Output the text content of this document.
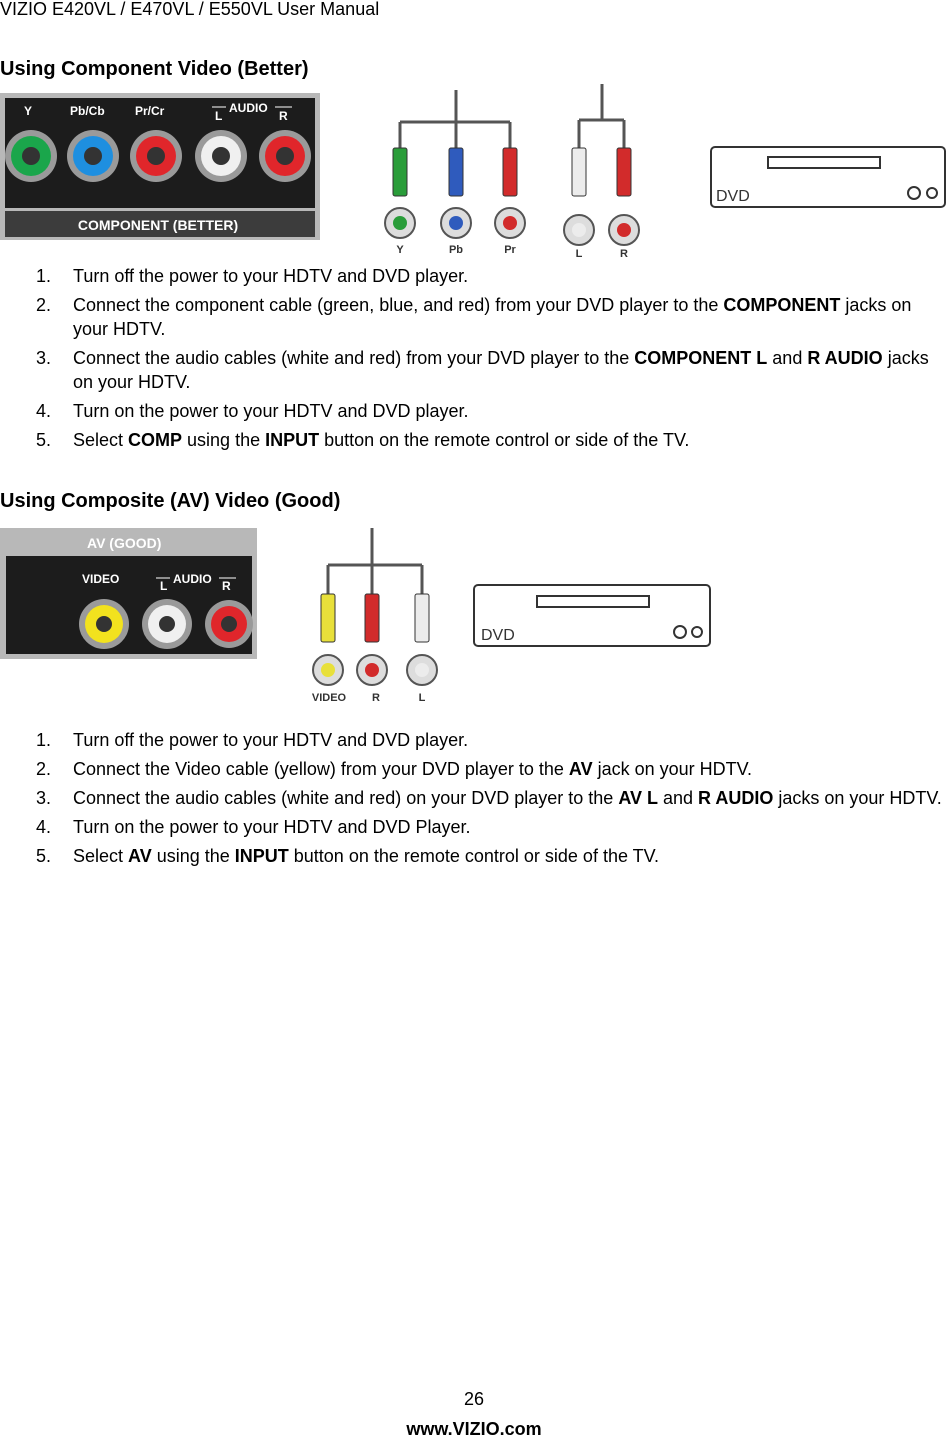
VIZIO E420VL / E470VL / E550VL User Manual
Using Component Video (Better)
Y	Pb/Cb	Pr/Cr	L
AUDIO
R
COMPONENT (BETTER)
Y	Pb	Pr	L	R
DVD
1. Turn off the power to your HDTV and DVD player.
2. Connect the component cable (green, blue, and red) from your DVD player to the COMPONENT jacks on your HDTV.
3. Connect the audio cables (white and red) from your DVD player to the COMPONENT L and R AUDIO jacks on your HDTV.
4. Turn on the power to your HDTV and DVD player.
5. Select COMP using the INPUT button on the remote control or side of the TV.
Using Composite (AV) Video (Good)
AV (GOOD)
VIDEO	L AUDIO R
VIDEO R	L
DVD
1. Turn off the power to your HDTV and DVD player.
2. Connect the Video cable (yellow) from your DVD player to the AV jack on your HDTV.
3. Connect the audio cables (white and red) on your DVD player to the AV L and R AUDIO jacks on your HDTV.
4. Turn on the power to your HDTV and DVD Player.
5. Select AV using the INPUT button on the remote control or side of the TV.
26
www.VIZIO.com
